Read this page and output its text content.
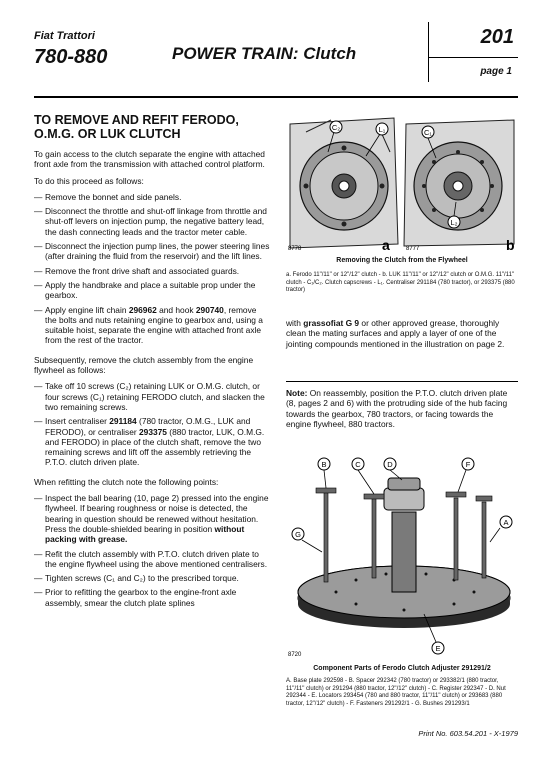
Fiat Trattori
780-880	POWER TRAIN: Clutch
201
page 1
TO REMOVE AND REFIT FERODO,
O.M.G. OR LUK CLUTCH

To gain access to the clutch separate the engine with attached front axle from the transmission with attached control platform.

To do this proceed as follows:

— Remove the bonnet and side panels.
— Disconnect the throttle and shut-off linkage from throttle and shut-off levers on injection pump, the negative battery lead, the dash connecting leads and the tractor meter cable.
— Disconnect the injection pump lines, the power steering lines (after draining the fluid from the reservoir) and the lift lines.
— Remove the front drive shaft and associated guards.
— Apply the handbrake and place a suitable prop under the gearbox.
— Apply engine lift chain 296962 and hook 290740, remove the bolts and nuts retaining engine to gearbox and, using a suitable hoist, separate the engine with attached front axle from the rest of the tractor.

Subsequently, remove the clutch assembly from the engine flywheel as follows:

— Take off 10 screws (C₂) retaining LUK or O.M.G. clutch, or four screws (C₁) retaining FERODO clutch, and slacken the two remaining screws.
— Insert centraliser 291184 (780 tractor, O.M.G., LUK and FERODO), or centraliser 293375 (880 tractor, LUK, O.M.G. and FERODO) in place of the clutch shaft, remove the two remaining screws and lift off the assembly retrieving the P.T.O. clutch driven plate.

When refitting the clutch note the following points:

— Inspect the ball bearing (10, page 2) pressed into the engine flywheel. If bearing roughness or noise is detected, the bearing in question should be renewed without hesitation. Press the double-shielded bearing in position without packing with grease.
— Refit the clutch assembly with P.T.O. clutch driven plate to the engine flywheel using the above mentioned centralisers.
— Tighten screws (C₁ and C₂) to the prescribed torque.
— Prior to refitting the gearbox to the engine-front axle assembly, smear the clutch plate splines
C₂	L₁	C₁
L₂
8778	a	8777	b
Removing the Clutch from the Flywheel
a. Ferodo 11"/11" or 12"/12" clutch - b. LUK 11"/11" or 12"/12" clutch or O.M.G. 11"/11" clutch - C₁/C₂. Clutch capscrews - L₁. Centraliser 291184 (780 tractor), or 293375 (880 tractor)
with grassofiat G 9 or other approved grease, thoroughly clean the mating surfaces and apply a layer of one of the jointing compounds mentioned in the illustration on page 2.
Note: On reassembly, position the P.T.O. clutch driven plate (8, pages 2 and 6) with the protruding side of the hub facing towards the gearbox, 780 tractors, or facing towards the engine flywheel, 880 tractors.
B	C	D	F
A
G
E
8720
Component Parts of Ferodo Clutch Adjuster 291291/2
A. Base plate 292598 - B. Spacer 292342 (780 tractor) or 293382/1 (880 tractor, 11"/11" clutch) or 291294 (880 tractor, 12"/12" clutch) - C. Register 292347 - D. Nut 292344 - E. Locators 293454 (780 and 880 tractor, 11"/11" clutch) or 293683 (880 tractor, 12"/12" clutch) - F. Fasteners 291292/1 - G. Bushes 291293/1
Print No. 603.54.201 - X-1979
